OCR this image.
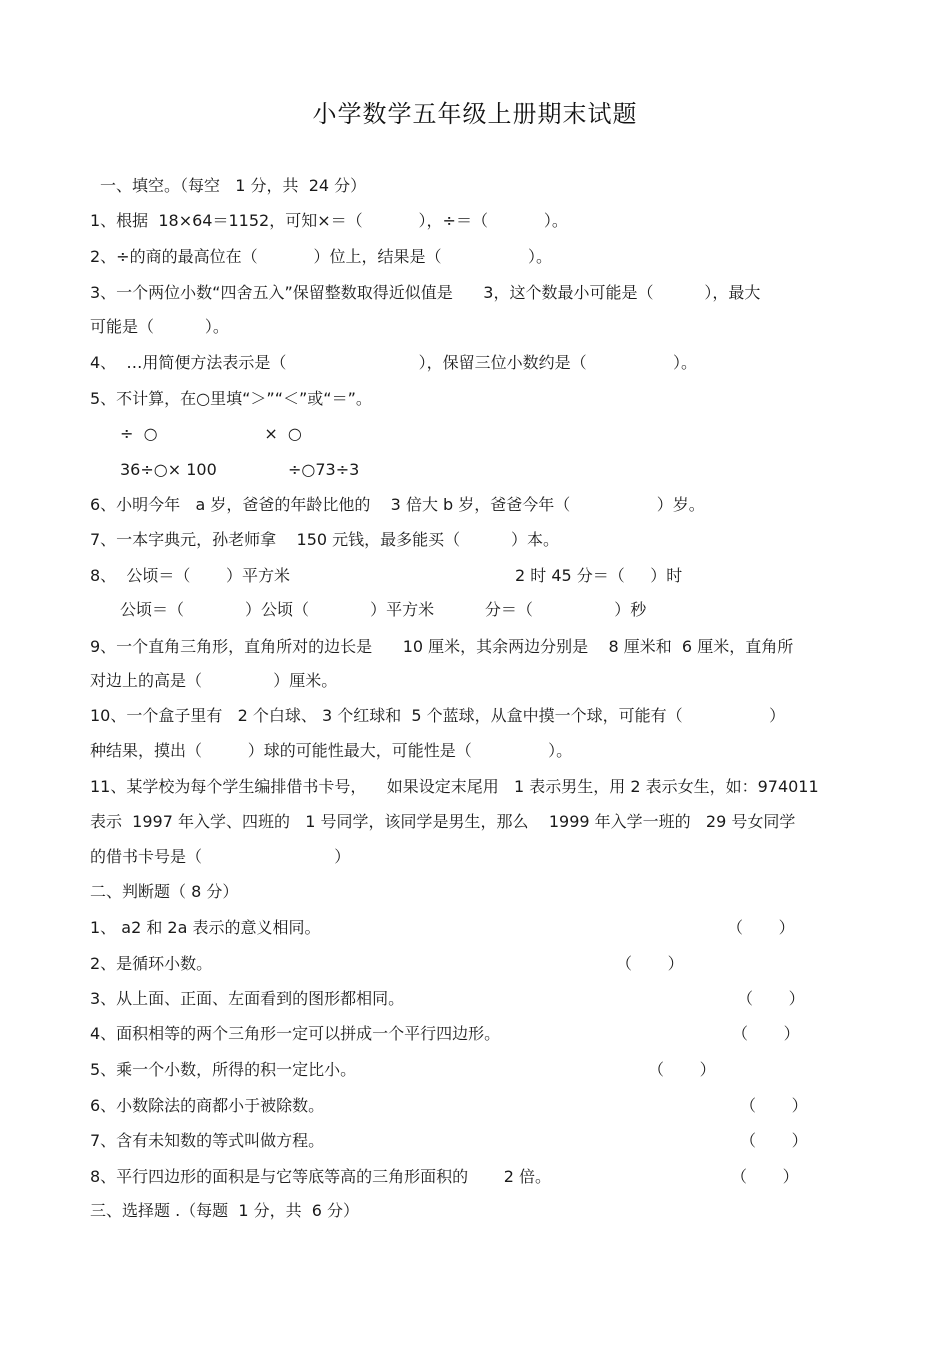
小学数学五年级上册期末试题
一、填空。（每空   1 分，共  24 分）
1、根据  18×64＝1152，可知×＝（           ），÷＝（           ）。
2、÷的商的最高位在（           ）位上，结果是（                 ）。
3、一个两位小数“四舍五入”保留整数取得近似值是      3，这个数最小可能是（          ），最大
可能是（          ）。
4、  …用简便方法表示是（                          ），保留三位小数约是（                 ）。
5、不计算，在○里填“＞”“＜”或“＝”。
÷  ○                     ×  ○
36÷○× 100              ÷○73÷3
6、小明今年   a 岁，爸爸的年龄比他的    3 倍大 b 岁，爸爸今年（                 ）岁。
7、一本字典元，孙老师拿    150 元钱，最多能买（          ）本。
8、  公顷＝（       ）平方米	2 时 45 分＝（     ）时
公顷＝（            ）公顷（            ）平方米          分＝（                ）秒
9、一个直角三角形，直角所对的边长是      10 厘米，其余两边分别是    8 厘米和  6 厘米，直角所
对边上的高是（              ）厘米。
10、一个盒子里有   2 个白球、 3 个红球和  5 个蓝球，从盒中摸一个球，可能有（                 ）
种结果，摸出（         ）球的可能性最大，可能性是（               ）。
11、某学校为每个学生编排借书卡号，    如果设定末尾用   1 表示男生，用 2 表示女生，如：974011
表示  1997 年入学、四班的   1 号同学，该同学是男生，那么    1999 年入学一班的   29 号女同学
的借书卡号是（                          ）
二、判断题（ 8 分）
1、 a2 和 2a 表示的意义相同。	（       ）
2、是循环小数。	（       ）
3、从上面、正面、左面看到的图形都相同。	（       ）
4、面积相等的两个三角形一定可以拼成一个平行四边形。	（       ）
5、乘一个小数，所得的积一定比小。	（       ）
6、小数除法的商都小于被除数。	（       ）
7、含有未知数的等式叫做方程。	（       ）
8、平行四边形的面积是与它等底等高的三角形面积的       2 倍。	（       ）
三、选择题 .（每题  1 分，共  6 分）
